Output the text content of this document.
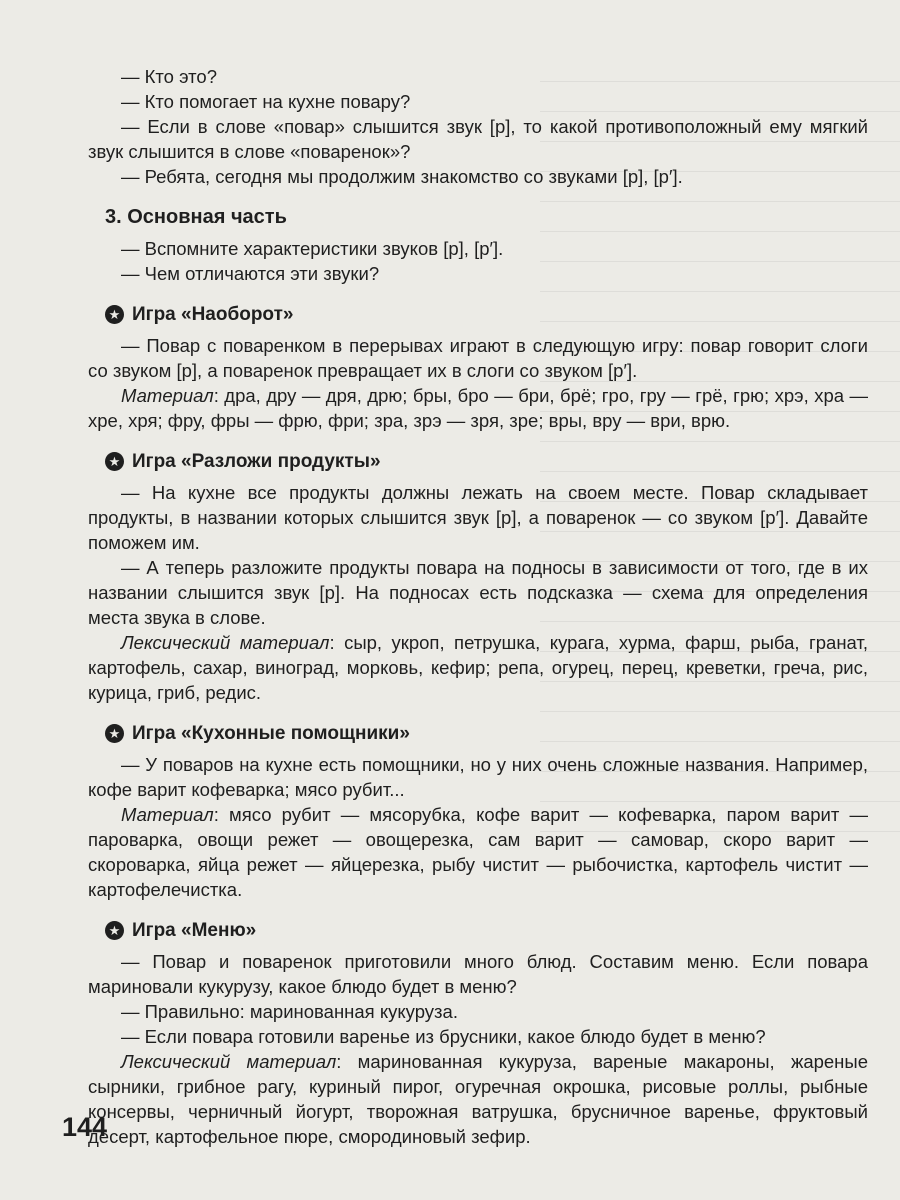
— Кто это?

— Кто помогает на кухне повару?

— Если в слове «повар» слышится звук [р], то какой противоположный ему мягкий звук слышится в слове «поваренок»?

— Ребята, сегодня мы продолжим знакомство со звуками [р], [р′].

3. Основная часть

— Вспомните характеристики звуков [р], [р′].

— Чем отличаются эти звуки?

★ Игра «Наоборот»

— Повар с поваренком в перерывах играют в следующую игру: повар говорит слоги со звуком [р], а поваренок превращает их в слоги со звуком [р′].

Материал: дра, дру — дря, дрю; бры, бро — бри, брё; гро, гру — грё, грю; хрэ, хра — хре, хря; фру, фры — фрю, фри; зра, зрэ — зря, зре; вры, вру — ври, врю.

★ Игра «Разложи продукты»

— На кухне все продукты должны лежать на своем месте. Повар складывает продукты, в названии которых слышится звук [р], а поваренок — со звуком [р′]. Давайте поможем им.

— А теперь разложите продукты повара на подносы в зависимости от того, где в их названии слышится звук [р]. На подносах есть подсказка — схема для определения места звука в слове.

Лексический материал: сыр, укроп, петрушка, курага, хурма, фарш, рыба, гранат, картофель, сахар, виноград, морковь, кефир; репа, огурец, перец, креветки, греча, рис, курица, гриб, редис.

★ Игра «Кухонные помощники»

— У поваров на кухне есть помощники, но у них очень сложные названия. Например, кофе варит кофеварка; мясо рубит...

Материал: мясо рубит — мясорубка, кофе варит — кофеварка, паром варит — пароварка, овощи режет — овощерезка, сам варит — самовар, скоро варит — скороварка, яйца режет — яйцерезка, рыбу чистит — рыбочистка, картофель чистит — картофелечистка.

★ Игра «Меню»

— Повар и поваренок приготовили много блюд. Составим меню. Если повара мариновали кукурузу, какое блюдо будет в меню?

— Правильно: маринованная кукуруза.

— Если повара готовили варенье из брусники, какое блюдо будет в меню?

Лексический материал: маринованная кукуруза, вареные макароны, жареные сырники, грибное рагу, куриный пирог, огуречная окрошка, рисовые роллы, рыбные консервы, черничный йогурт, творожная ватрушка, брусничное варенье, фруктовый десерт, картофельное пюре, смородиновый зефир.

144
